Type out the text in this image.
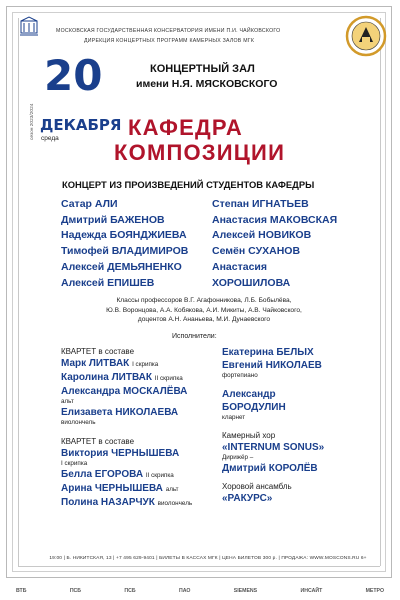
МОСКОВСКАЯ ГОСУДАРСТВЕННАЯ КОНСЕРВАТОРИЯ ИМЕНИ П.И. ЧАЙКОВСКОГО
ДИРЕКЦИЯ КОНЦЕРТНЫХ ПРОГРАММ КАМЕРНЫХ ЗАЛОВ МГК
20
сезон 2023/2024 ДЕКАБРЯ
среда
КОНЦЕРТНЫЙ ЗАЛ
имени Н.Я. МЯСКОВСКОГО
КАФЕДРА
КОМПОЗИЦИИ
КОНЦЕРТ ИЗ ПРОИЗВЕДЕНИЙ СТУДЕНТОВ КАФЕДРЫ
Сатар АЛИ
Дмитрий БАЖЕНОВ
Надежда БОЯНДЖИЕВА
Тимофей ВЛАДИМИРОВ
Алексей ДЕМЬЯНЕНКО
Алексей ЕПИШЕВ
Степан ИГНАТЬЕВ
Анастасия МАКОВСКАЯ
Алексей НОВИКОВ
Семён СУХАНОВ
Анастасия
ХОРОШИЛОВА
Классы профессоров В.Г. Агафонникова, Л.Б. Бобылёва,
Ю.В. Воронцова, А.А. Кобякова, А.И. Микиты, А.В. Чайковского,
доцентов А.Н. Ананьева, М.И. Дунаевского
Исполнители:
КВАРТЕТ в составе
Марк ЛИТВАК I скрипка
Каролина ЛИТВАК II скрипка
Александра МОСКАЛЁВА
альт
Елизавета НИКОЛАЕВА
виолончель
КВАРТЕТ в составе
Виктория ЧЕРНЫШЕВА
I скрипка
Белла ЕГОРОВА II скрипка
Арина ЧЕРНЫШЕВА альт
Полина НАЗАРЧУК виолончель
Екатерина БЕЛЫХ
Евгений НИКОЛАЕВ
фортепиано
Александр
БОРОДУЛИН
кларнет
Камерный хор
«INTERNUM SONUS»
Дирижёр –
Дмитрий КОРОЛЁВ
Хоровой ансамбль
«РАКУРС»
19:00 | Б. НИКИТСКАЯ, 13 | +7 495 629-9401 | БИЛЕТЫ В КАССАХ МГК | ЦЕНА БИЛЕТОВ 300 р. | ПРОДАЖА: WWW.MOSCONS.RU 6+
ВТБ	ПСБ	ПСБ	ПАО	SIEMENS	ИНСАЙТ	МЕТРО
